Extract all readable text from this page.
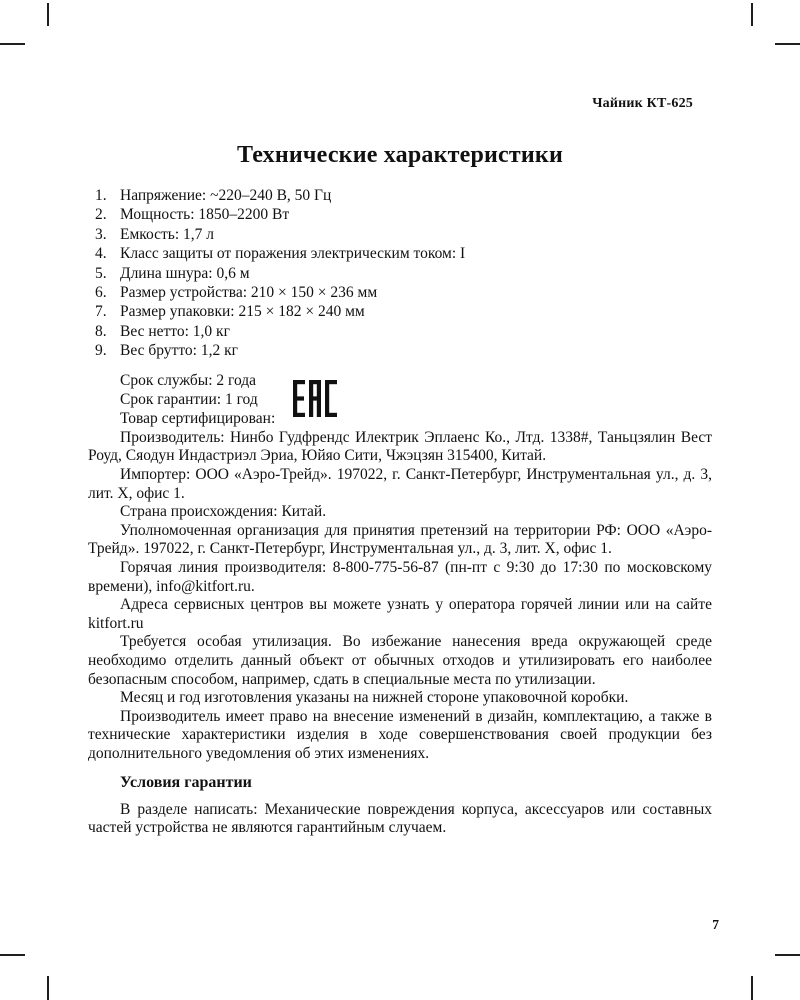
Чайник КТ-625
Технические характеристики
1. Напряжение: ~220–240 В, 50 Гц
2. Мощность: 1850–2200 Вт
3. Емкость: 1,7 л
4. Класс защиты от поражения электрическим током: I
5. Длина шнура: 0,6 м
6. Размер устройства: 210 × 150 × 236 мм
7. Размер упаковки: 215 × 182 × 240 мм
8. Вес нетто: 1,0 кг
9. Вес брутто: 1,2 кг
Срок службы: 2 года
Срок гарантии: 1 год
Товар сертифицирован:

Производитель: Нинбо Гудфрендс Илектрик Эплаенс Ко., Лтд. 1338#, Таньцзялин Вест Роуд, Сяодун Индастриэл Эриа, Юйяо Сити, Чжэцзян 315400, Китай.

Импортер: ООО «Аэро-Трейд». 197022, г. Санкт-Петербург, Инструментальная ул., д. 3, лит. X, офис 1.

Страна происхождения: Китай.

Уполномоченная организация для принятия претензий на территории РФ: ООО «Аэро-Трейд». 197022, г. Санкт-Петербург, Инструментальная ул., д. 3, лит. X, офис 1.

Горячая линия производителя: 8-800-775-56-87 (пн-пт с 9:30 до 17:30 по московскому времени), info@kitfort.ru.

Адреса сервисных центров вы можете узнать у оператора горячей линии или на сайте kitfort.ru

Требуется особая утилизация. Во избежание нанесения вреда окружающей среде необходимо отделить данный объект от обычных отходов и утилизировать его наиболее безопасным способом, например, сдать в специальные места по утилизации.

Месяц и год изготовления указаны на нижней стороне упаковочной коробки.

Производитель имеет право на внесение изменений в дизайн, комплектацию, а также в технические характеристики изделия в ходе совершенствования своей продукции без дополнительного уведомления об этих изменениях.

Условия гарантии

В разделе написать: Механические повреждения корпуса, аксессуаров или составных частей устройства не являются гарантийным случаем.

7
